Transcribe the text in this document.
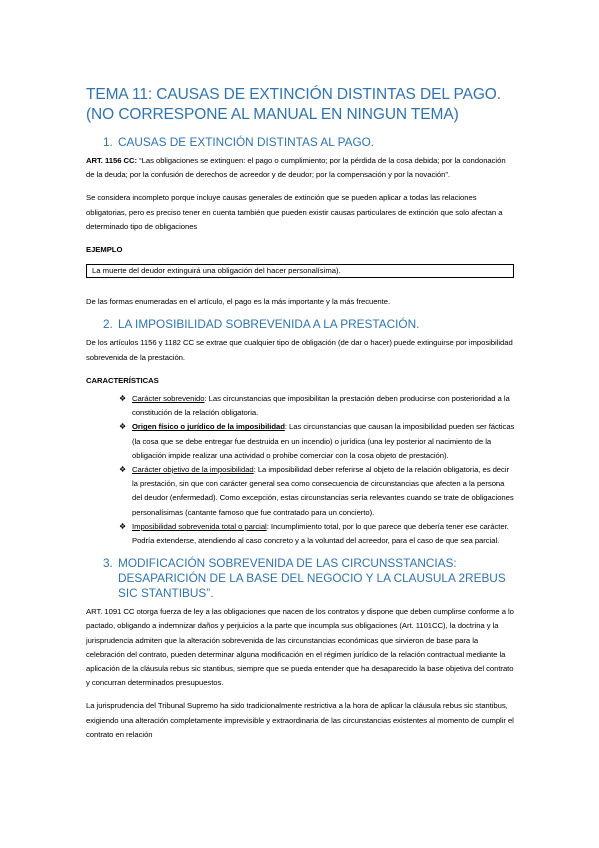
TEMA 11: CAUSAS DE EXTINCIÓN DISTINTAS DEL PAGO. (NO CORRESPONE AL MANUAL EN NINGUN TEMA)
1. CAUSAS DE EXTINCIÓN DISTINTAS AL PAGO.

ART. 1156 CC: “Las obligaciones se extinguen: el pago o cumplimiento; por la pérdida de la cosa debida; por la condonación de la deuda; por la confusión de derechos de acreedor y de deudor; por la compensación y por la novación”.

Se considera incompleto porque incluye causas generales de extinción que se pueden aplicar a todas las relaciones obligatorias, pero es preciso tener en cuenta también que pueden existir causas particulares de extinción que solo afectan a determinado tipo de obligaciones

EJEMPLO

La muerte del deudor extinguirá una obligación del hacer personalísima).

De las formas enumeradas en el artículo, el pago es la más importante y la más frecuente.

2. LA IMPOSIBILIDAD SOBREVENIDA A LA PRESTACIÓN.

De los artículos 1156 y 1182 CC se extrae que cualquier tipo de obligación (de dar o hacer) puede extinguirse por imposibilidad sobrevenida de la prestación.

CARACTERÍSTICAS

❖ Carácter sobrevenido: Las circunstancias que imposibilitan la prestación deben producirse con posterioridad a la constitución de la relación obligatoria.
❖ Origen físico o jurídico de la imposibilidad: Las circunstancias que causan la imposibilidad pueden ser fácticas (la cosa que se debe entregar fue destruida en un incendio) o jurídica (una ley posterior al nacimiento de la obligación impide realizar una actividad o prohibe comerciar con la cosa objeto de prestación).
❖ Carácter objetivo de la imposibilidad: La imposibilidad deber referirse al objeto de la relación obligatoria, es decir la prestación, sin que con carácter general sea como consecuencia de circunstancias que afecten a la persona del deudor (enfermedad). Como excepción, estas circunstancias sería relevantes cuando se trate de obligaciones personalísimas (cantante famoso que fue contratado para un concierto).
❖ Imposibilidad sobrevenida total o parcial: Incumplimiento total, por lo que parece que debería tener ese carácter. Podría extenderse, atendiendo al caso concreto y a la voluntad del acreedor, para el caso de que sea parcial.
3. MODIFICACIÓN SOBREVENIDA DE LAS CIRCUNSSTANCIAS: DESAPARICIÓN DE LA BASE DEL NEGOCIO Y LA CLAUSULA 2REBUS SIC STANTIBUS”.

ART. 1091 CC otorga fuerza de ley a las obligaciones que nacen de los contratos y dispone que deben cumplirse conforme a lo pactado, obligando a indemnizar daños y perjuicios a la parte que incumpla sus obligaciones (Art. 1101CC), la doctrina y la jurisprudencia admiten que la alteración sobrevenida de las circunstancias económicas que sirvieron de base para la celebración del contrato, pueden determinar alguna modificación en el régimen jurídico de la relación contractual mediante la aplicación de la cláusula rebus sic stantibus, siempre que se pueda entender que ha desaparecido la base objetiva del contrato y concurran determinados presupuestos.

La jurisprudencia del Tribunal Supremo ha sido tradicionalmente restrictiva a la hora de aplicar la cláusula rebus sic stantibus, exigiendo una alteración completamente imprevisible y extraordinaria de las circunstancias existentes al momento de cumplir el contrato en relación
